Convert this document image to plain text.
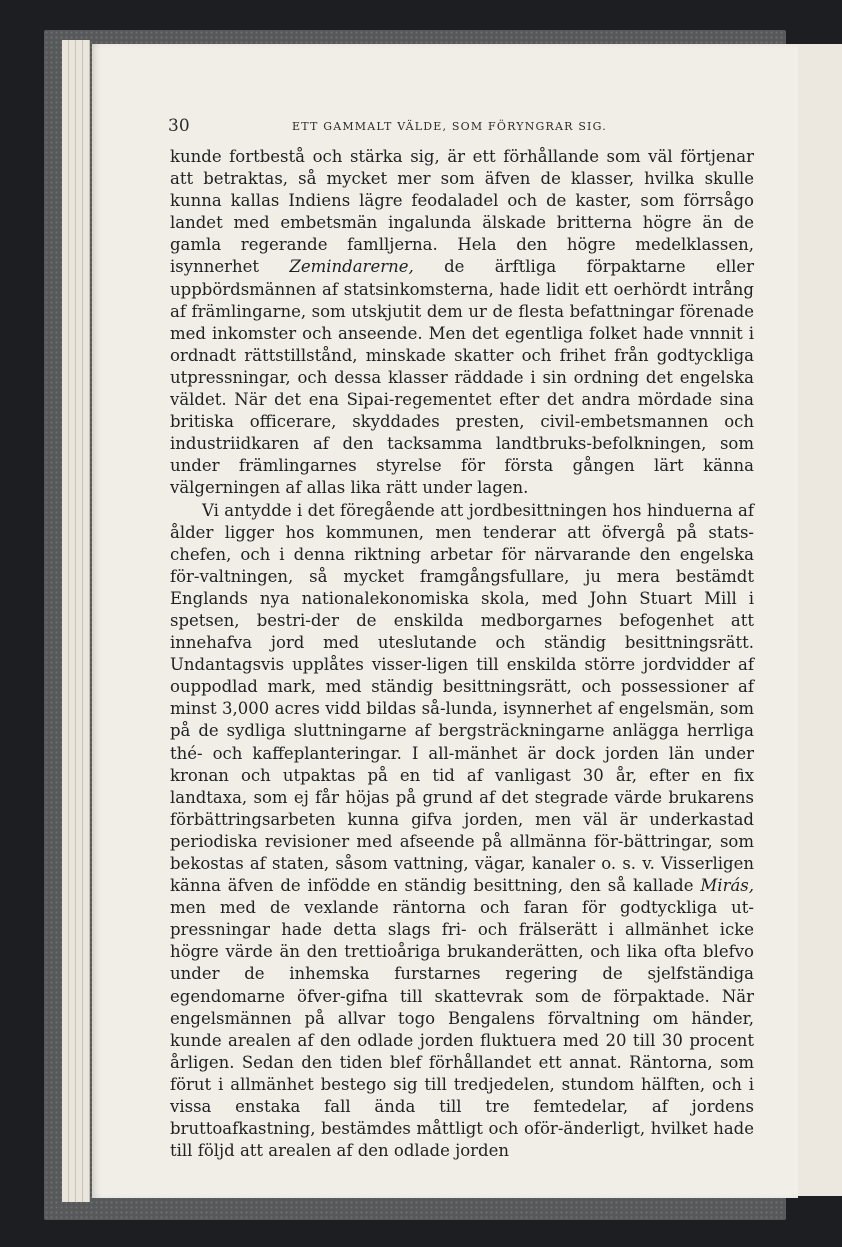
30	ETT GAMMALT VÄLDE, SOM FÖRYNGRAR SIG.

kunde fortbestå och stärka sig, är ett förhållande som väl förtjenar att betraktas, så mycket mer som äfven de klasser, hvilka skulle kunna kallas Indiens lägre feodaladel och de kaster, som förrsågo landet med embetsmän ingalunda älskade britterna högre än de gamla regerande famlljerna. Hela den högre medelklassen, isynnerhet Zemindarerne, de ärftliga förpaktarne eller uppbördsmännen af statsinkomsterna, hade lidit ett oerhördt intrång af främlingarne, som utskjutit dem ur de flesta befattningar förenade med inkomster och anseende. Men det egentliga folket hade vnnnit i ordnadt rättstillstånd, minskade skatter och frihet från godtyckliga utpressningar, och dessa klasser räddade i sin ordning det engelska väldet. När det ena Sipai-regementet efter det andra mördade sina britiska officerare, skyddades presten, civil-embetsmannen och industriidkaren af den tacksamma landtbruks-befolkningen, som under främlingarnes styrelse för första gången lärt känna välgerningen af allas lika rätt under lagen.

Vi antydde i det föregående att jordbesittningen hos hinduerna af ålder ligger hos kommunen, men tenderar att öfvergå på stats-chefen, och i denna riktning arbetar för närvarande den engelska för-valtningen, så mycket framgångsfullare, ju mera bestämdt Englands nya nationalekonomiska skola, med John Stuart Mill i spetsen, bestri-der de enskilda medborgarnes befogenhet att innehafva jord med uteslutande och ständig besittningsrätt. Undantagsvis upplåtes visser-ligen till enskilda större jordvidder af ouppodlad mark, med ständig besittningsrätt, och possessioner af minst 3,000 acres vidd bildas så-lunda, isynnerhet af engelsmän, som på de sydliga sluttningarne af bergsträckningarne anlägga herrliga thé- och kaffeplanteringar. I all-mänhet är dock jorden län under kronan och utpaktas på en tid af vanligast 30 år, efter en fix landtaxa, som ej får höjas på grund af det stegrade värde brukarens förbättringsarbeten kunna gifva jorden, men väl är underkastad periodiska revisioner med afseende på allmänna för-bättringar, som bekostas af staten, såsom vattning, vägar, kanaler o. s. v. Visserligen känna äfven de infödde en ständig besittning, den så kallade Mirás, men med de vexlande räntorna och faran för godtyckliga ut-pressningar hade detta slags fri- och frälserätt i allmänhet icke högre värde än den trettioåriga brukanderätten, och lika ofta blefvo under de inhemska furstarnes regering de sjelfständiga egendomarne öfver-gifna till skattevrak som de förpaktade. När engelsmännen på allvar togo Bengalens förvaltning om händer, kunde arealen af den odlade jorden fluktuera med 20 till 30 procent årligen. Sedan den tiden blef förhållandet ett annat. Räntorna, som förut i allmänhet bestego sig till tredjedelen, stundom hälften, och i vissa enstaka fall ända till tre femtedelar, af jordens bruttoafkastning, bestämdes måttligt och oför-änderligt, hvilket hade till följd att arealen af den odlade jorden
